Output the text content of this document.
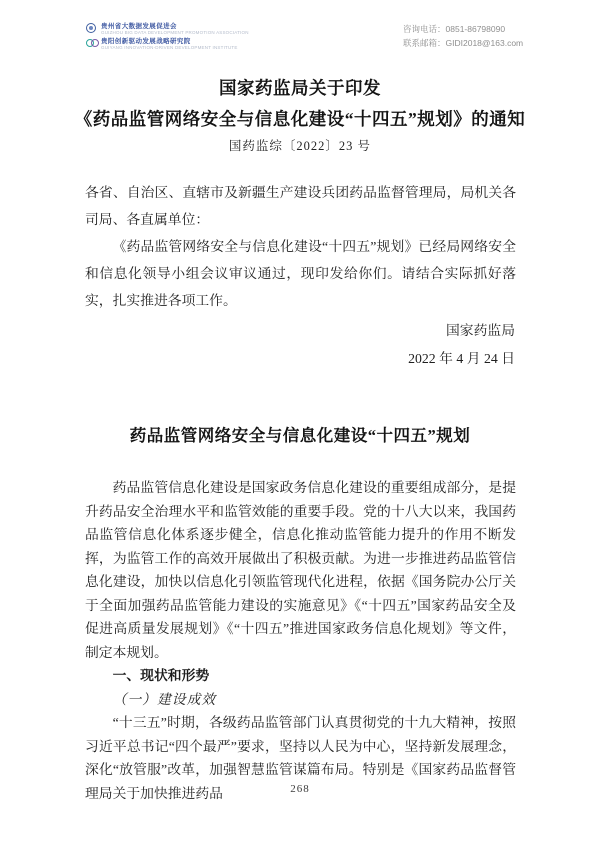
贵州省大数据发展促进会
GUIZHOU BIG DATA DEVELOPMENT PROMOTION ASSOCIATION
贵阳创新驱动发展战略研究院
GUIYANG INNOVATION-DRIVEN DEVELOPMENT INSTITUTE
咨询电话：0851-86798090
联系邮箱：GIDI2018@163.com
国家药监局关于印发
《药品监管网络安全与信息化建设“十四五”规划》的通知
国药监综〔2022〕23 号

各省、自治区、直辖市及新疆生产建设兵团药品监督管理局，局机关各司局、各直属单位：

《药品监管网络安全与信息化建设“十四五”规划》已经局网络安全和信息化领导小组会议审议通过，现印发给你们。请结合实际抓好落实，扎实推进各项工作。

国家药监局
2022 年 4 月 24 日
药品监管网络安全与信息化建设“十四五”规划

药品监管信息化建设是国家政务信息化建设的重要组成部分，是提升药品安全治理水平和监管效能的重要手段。党的十八大以来，我国药品监管信息化体系逐步健全，信息化推动监管能力提升的作用不断发挥，为监管工作的高效开展做出了积极贡献。为进一步推进药品监管信息化建设，加快以信息化引领监管现代化进程，依据《国务院办公厅关于全面加强药品监管能力建设的实施意见》《“十四五”国家药品安全及促进高质量发展规划》《“十四五”推进国家政务信息化规划》等文件，制定本规划。

一、现状和形势

（一）建设成效

“十三五”时期，各级药品监管部门认真贯彻党的十九大精神，按照习近平总书记“四个最严”要求，坚持以人民为中心，坚持新发展理念，深化“放管服”改革，加强智慧监管谋篇布局。特别是《国家药品监督管理局关于加快推进药品	268
